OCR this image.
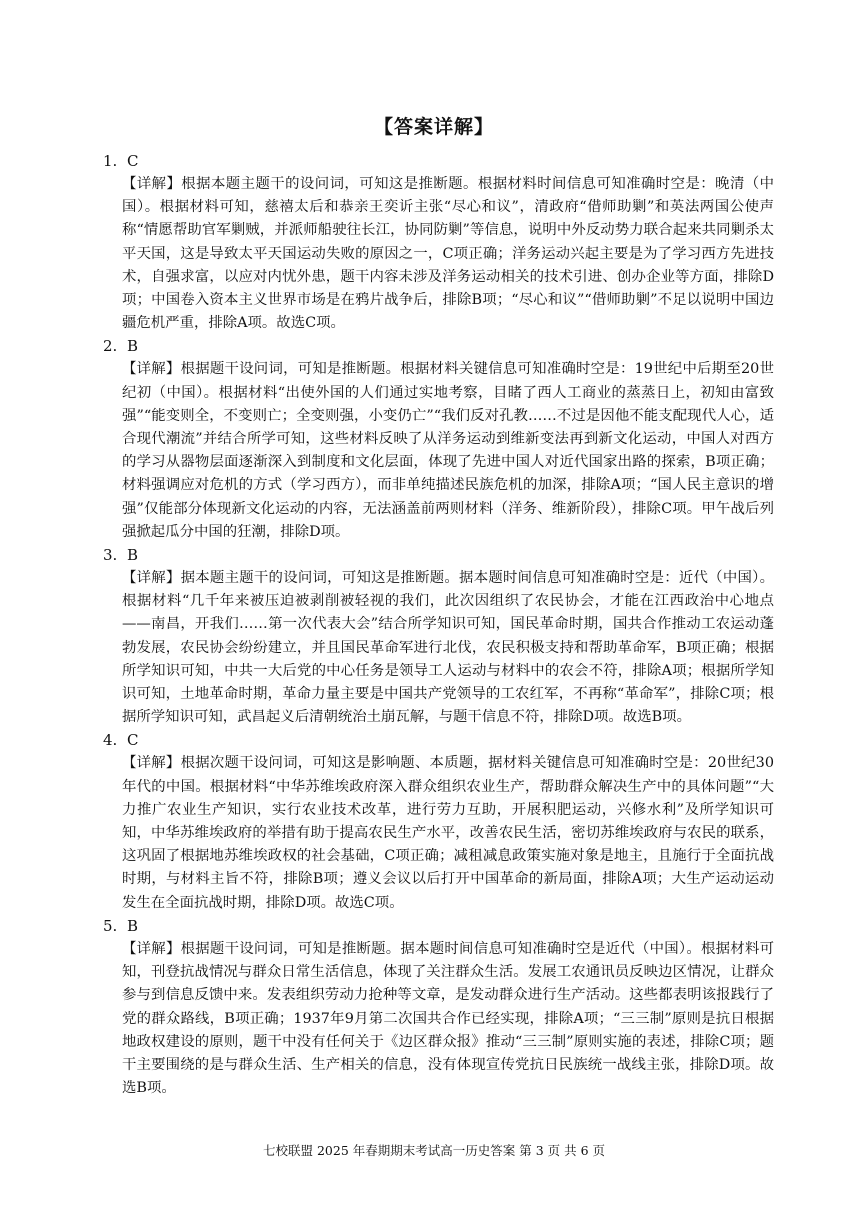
【答案详解】
1. C
【详解】根据本题主题干的设问词，可知这是推断题。根据材料时间信息可知准确时空是：晚清（中国）。根据材料可知，慈禧太后和恭亲王奕䜣主张“尽心和议”，清政府“借师助剿”和英法两国公使声称“情愿帮助官军剿贼，并派师船驶往长江，协同防剿”等信息，说明中外反动势力联合起来共同剿杀太平天国，这是导致太平天国运动失败的原因之一，C项正确；洋务运动兴起主要是为了学习西方先进技术，自强求富，以应对内忧外患，题干内容未涉及洋务运动相关的技术引进、创办企业等方面，排除D项；中国卷入资本主义世界市场是在鸦片战争后，排除B项；“尽心和议”“借师助剿”不足以说明中国边疆危机严重，排除A项。故选C项。
2. B
【详解】根据题干设问词，可知是推断题。根据材料关键信息可知准确时空是：19世纪中后期至20世纪初（中国）。根据材料“出使外国的人们通过实地考察，目睹了西人工商业的蒸蒸日上，初知由富致强”“能变则全，不变则亡；全变则强，小变仍亡”“我们反对孔教……不过是因他不能支配现代人心，适合现代潮流”并结合所学可知，这些材料反映了从洋务运动到维新变法再到新文化运动，中国人对西方的学习从器物层面逐渐深入到制度和文化层面，体现了先进中国人对近代国家出路的探索，B项正确；材料强调应对危机的方式（学习西方），而非单纯描述民族危机的加深，排除A项；“国人民主意识的增强”仅能部分体现新文化运动的内容，无法涵盖前两则材料（洋务、维新阶段），排除C项。甲午战后列强掀起瓜分中国的狂潮，排除D项。
3. B
【详解】据本题主题干的设问词，可知这是推断题。据本题时间信息可知准确时空是：近代（中国）。根据材料“几千年来被压迫被剥削被轻视的我们，此次因组织了农民协会，才能在江西政治中心地点——南昌，开我们……第一次代表大会”结合所学知识可知，国民革命时期，国共合作推动工农运动蓬勃发展，农民协会纷纷建立，并且国民革命军进行北伐，农民积极支持和帮助革命军，B项正确；根据所学知识可知，中共一大后党的中心任务是领导工人运动与材料中的农会不符，排除A项；根据所学知识可知，土地革命时期，革命力量主要是中国共产党领导的工农红军，不再称“革命军”，排除C项；根据所学知识可知，武昌起义后清朝统治土崩瓦解，与题干信息不符，排除D项。故选B项。
4. C
【详解】根据次题干设问词，可知这是影响题、本质题，据材料关键信息可知准确时空是：20世纪30年代的中国。根据材料“中华苏维埃政府深入群众组织农业生产，帮助群众解决生产中的具体问题”“大力推广农业生产知识，实行农业技术改革，进行劳力互助，开展积肥运动，兴修水利”及所学知识可知，中华苏维埃政府的举措有助于提高农民生产水平，改善农民生活，密切苏维埃政府与农民的联系，这巩固了根据地苏维埃政权的社会基础，C项正确；减租减息政策实施对象是地主，且施行于全面抗战时期，与材料主旨不符，排除B项；遵义会议以后打开中国革命的新局面，排除A项；大生产运动运动发生在全面抗战时期，排除D项。故选C项。
5. B
【详解】根据题干设问词，可知是推断题。据本题时间信息可知准确时空是近代（中国）。根据材料可知，刊登抗战情况与群众日常生活信息，体现了关注群众生活。发展工农通讯员反映边区情况，让群众参与到信息反馈中来。发表组织劳动力抢种等文章，是发动群众进行生产活动。这些都表明该报践行了党的群众路线，B项正确；1937年9月第二次国共合作已经实现，排除A项；“三三制”原则是抗日根据地政权建设的原则，题干中没有任何关于《边区群众报》推动“三三制”原则实施的表述，排除C项；题干主要围绕的是与群众生活、生产相关的信息，没有体现宣传党抗日民族统一战线主张，排除D项。故选B项。
七校联盟 2025 年春期期末考试高一历史答案 第 3 页 共 6 页
